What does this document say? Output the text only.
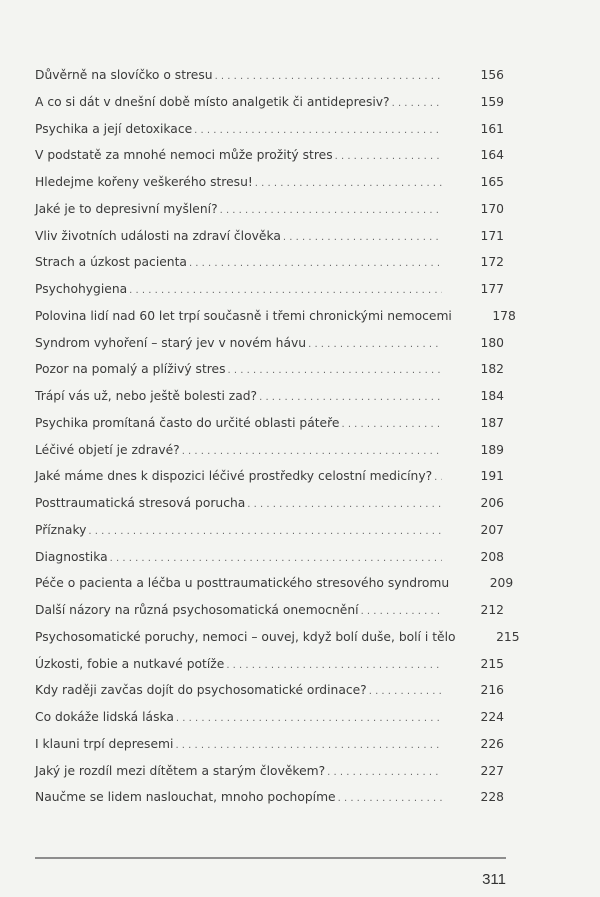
Důvěrně na slovíčko o stresu . . .	156
A co si dát v dnešní době místo analgetik či antidepresiv? . . .	159
Psychika a její detoxikace . . .	161
V podstatě za mnohé nemoci může prožitý stres . . .	164
Hledejme kořeny veškerého stresu! . . .	165
Jaké je to depresivní myšlení? . . .	170
Vliv životních události na zdraví člověka . . .	171
Strach a úzkost pacienta . . .	172
Psychohygiena . . .	177
Polovina lidí nad 60 let trpí současně i třemi chronickými nemocemi	178
Syndrom vyhoření – starý jev v novém hávu . . .	180
Pozor na pomalý a plíživý stres . . .	182
Trápí vás už, nebo ještě bolesti zad? . . .	184
Psychika promítaná často do určité oblasti páteře . . .	187
Léčivé objetí je zdravé? . . .	189
Jaké máme dnes k dispozici léčivé prostředky celostní medicíny? . . .	191
Posttraumatická stresová porucha . . .	206
Příznaky . . .	207
Diagnostika . . .	208
Péče o pacienta a léčba u posttraumatického stresového syndromu	209
Další názory na různá psychosomatická onemocnění . . .	212
Psychosomatické poruchy, nemoci – ouvej, když bolí duše, bolí i tělo	215
Úzkosti, fobie a nutkavé potíže . . .	215
Kdy raději zavčas dojít do psychosomatické ordinace? . . .	216
Co dokáže lidská láska . . .	224
I klauni trpí depresemi . . .	226
Jaký je rozdíl mezi dítětem a starým člověkem? . . .	227
Naučme se lidem naslouchat, mnoho pochopíme . . .	228
311
